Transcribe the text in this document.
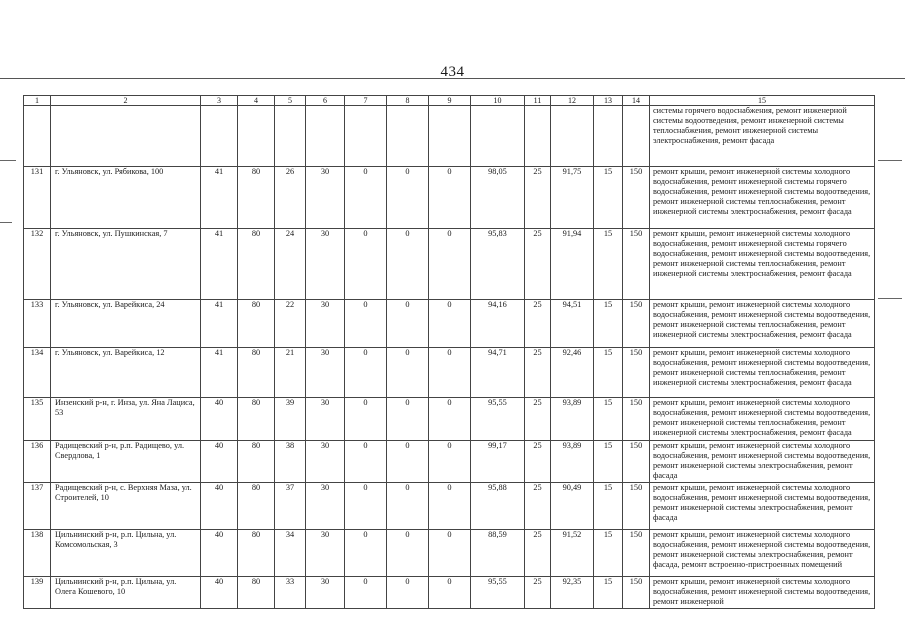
434
1	2	3	4	5	6	7	8	9	10	11	12	13	14	15
														системы горячего водоснабжения, ремонт инженерной системы водоотведения, ремонт инженерной системы теплоснабжения, ремонт инженерной системы электроснабжения, ремонт фасада
131	г. Ульяновск, ул. Рябикова, 100	41	80	26	30	0	0	0	98,05	25	91,75	15	150	ремонт крыши, ремонт инженерной системы холодного водоснабжения, ремонт инженерной системы горячего водоснабжения, ремонт инженерной системы водоотведения, ремонт инженерной системы теплоснабжения, ремонт инженерной системы электроснабжения, ремонт фасада
132	г. Ульяновск, ул. Пушкинская, 7	41	80	24	30	0	0	0	95,83	25	91,94	15	150	ремонт крыши, ремонт инженерной системы холодного водоснабжения, ремонт инженерной системы горячего водоснабжения, ремонт инженерной системы водоотведения, ремонт инженерной системы теплоснабжения, ремонт инженерной системы электроснабжения, ремонт фасада
133	г. Ульяновск, ул. Варейкиса, 24	41	80	22	30	0	0	0	94,16	25	94,51	15	150	ремонт крыши, ремонт инженерной системы холодного водоснабжения, ремонт инженерной системы водоотведения, ремонт инженерной системы теплоснабжения, ремонт инженерной системы электроснабжения, ремонт фасада
134	г. Ульяновск, ул. Варейкиса, 12	41	80	21	30	0	0	0	94,71	25	92,46	15	150	ремонт крыши, ремонт инженерной системы холодного водоснабжения, ремонт инженерной системы водоотведения, ремонт инженерной системы теплоснабжения, ремонт инженерной системы электроснабжения, ремонт фасада
135	Инзенский р-н, г. Инза, ул. Яна Лациса, 53	40	80	39	30	0	0	0	95,55	25	93,89	15	150	ремонт крыши, ремонт инженерной системы холодного водоснабжения, ремонт инженерной системы водоотведения, ремонт инженерной системы теплоснабжения, ремонт инженерной системы электроснабжения, ремонт фасада
136	Радищевский р-н, р.п. Радищево, ул. Свердлова, 1	40	80	38	30	0	0	0	99,17	25	93,89	15	150	ремонт крыши, ремонт инженерной системы холодного водоснабжения, ремонт инженерной системы водоотведения, ремонт инженерной системы электроснабжения, ремонт фасада
137	Радищевский р-н, с. Верхняя Маза, ул. Строителей, 10	40	80	37	30	0	0	0	95,88	25	90,49	15	150	ремонт крыши, ремонт инженерной системы холодного водоснабжения, ремонт инженерной системы водоотведения, ремонт инженерной системы электроснабжения, ремонт фасада
138	Цильнинский р-н, р.п. Цильна, ул. Комсомольская, 3	40	80	34	30	0	0	0	88,59	25	91,52	15	150	ремонт крыши, ремонт инженерной системы холодного водоснабжения, ремонт инженерной системы водоотведения, ремонт инженерной системы электроснабжения, ремонт фасада, ремонт встроенно-пристроенных помещений
139	Цильнинский р-н, р.п. Цильна, ул. Олега Кошевого, 10	40	80	33	30	0	0	0	95,55	25	92,35	15	150	ремонт крыши, ремонт инженерной системы холодного водоснабжения, ремонт инженерной системы водоотведения, ремонт инженерной
